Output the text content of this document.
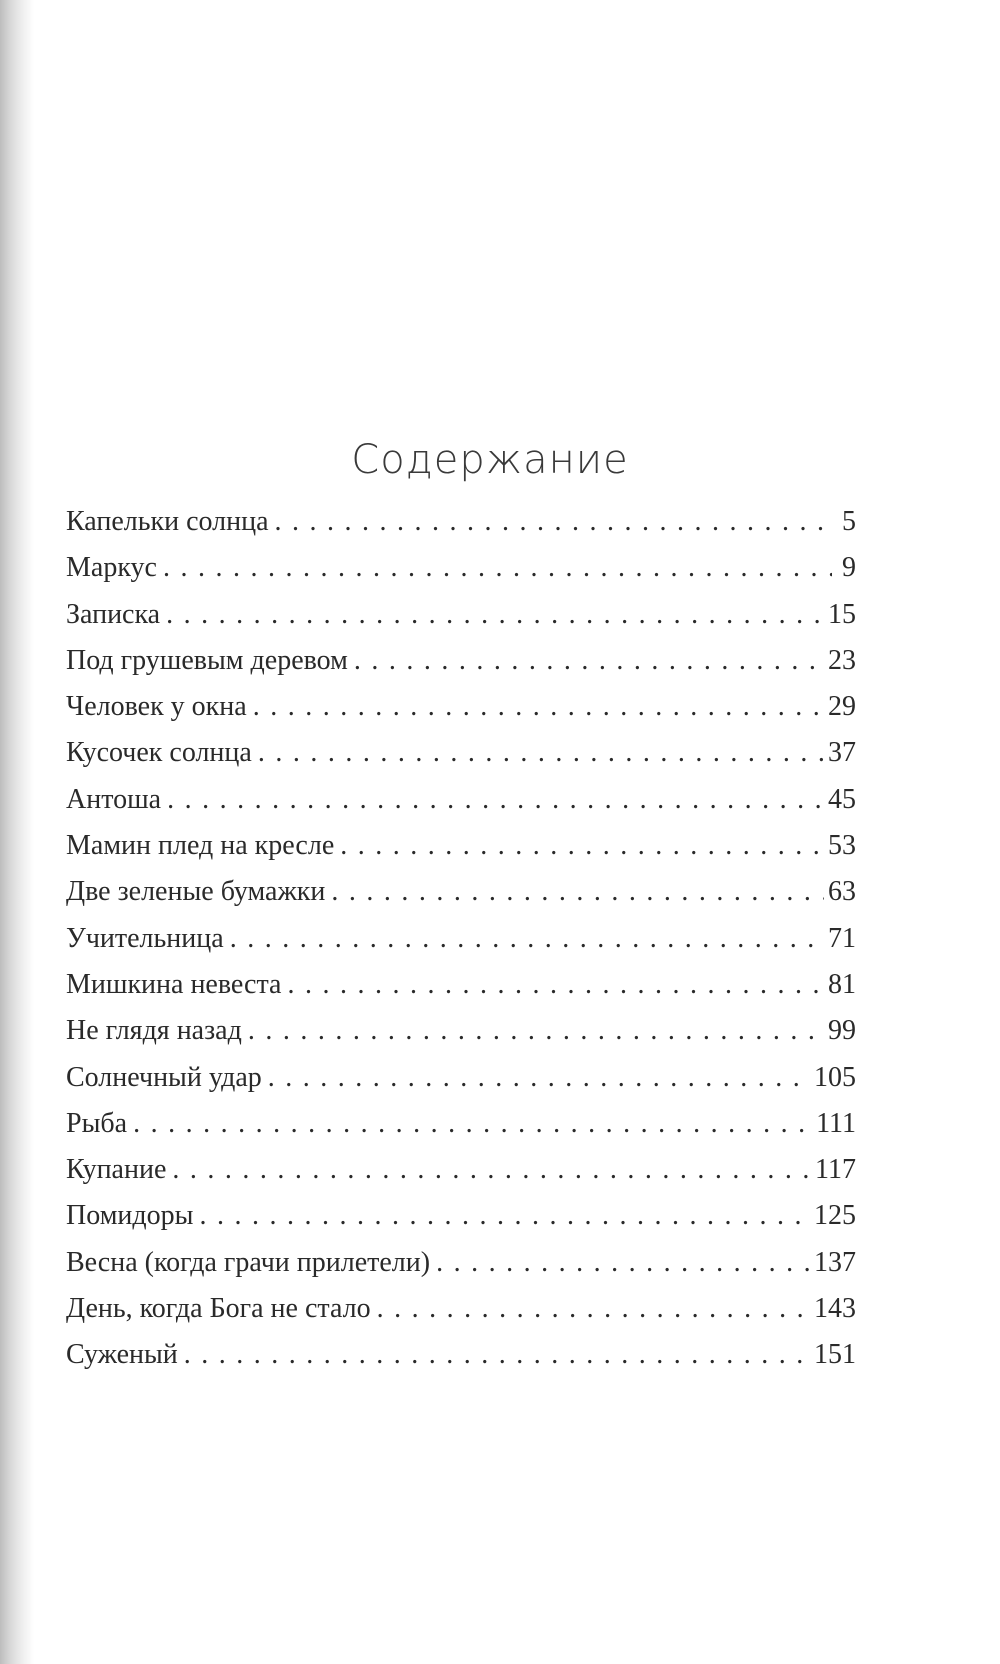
Содержание
Капельки солнца . . .	5
Маркус . . .	9
Записка . . .	15
Под грушевым деревом . . .	23
Человек у окна . . .	29
Кусочек солнца . . .	37
Антоша . . .	45
Мамин плед на кресле . . .	53
Две зеленые бумажки . . .	63
Учительница . . .	71
Мишкина невеста . . .	81
Не глядя назад . . .	99
Солнечный удар . . .	105
Рыба . . .	111
Купание . . .	117
Помидоры . . .	125
Весна (когда грачи прилетели) . . .	137
День, когда Бога не стало . . .	143
Суженый . . .	151
